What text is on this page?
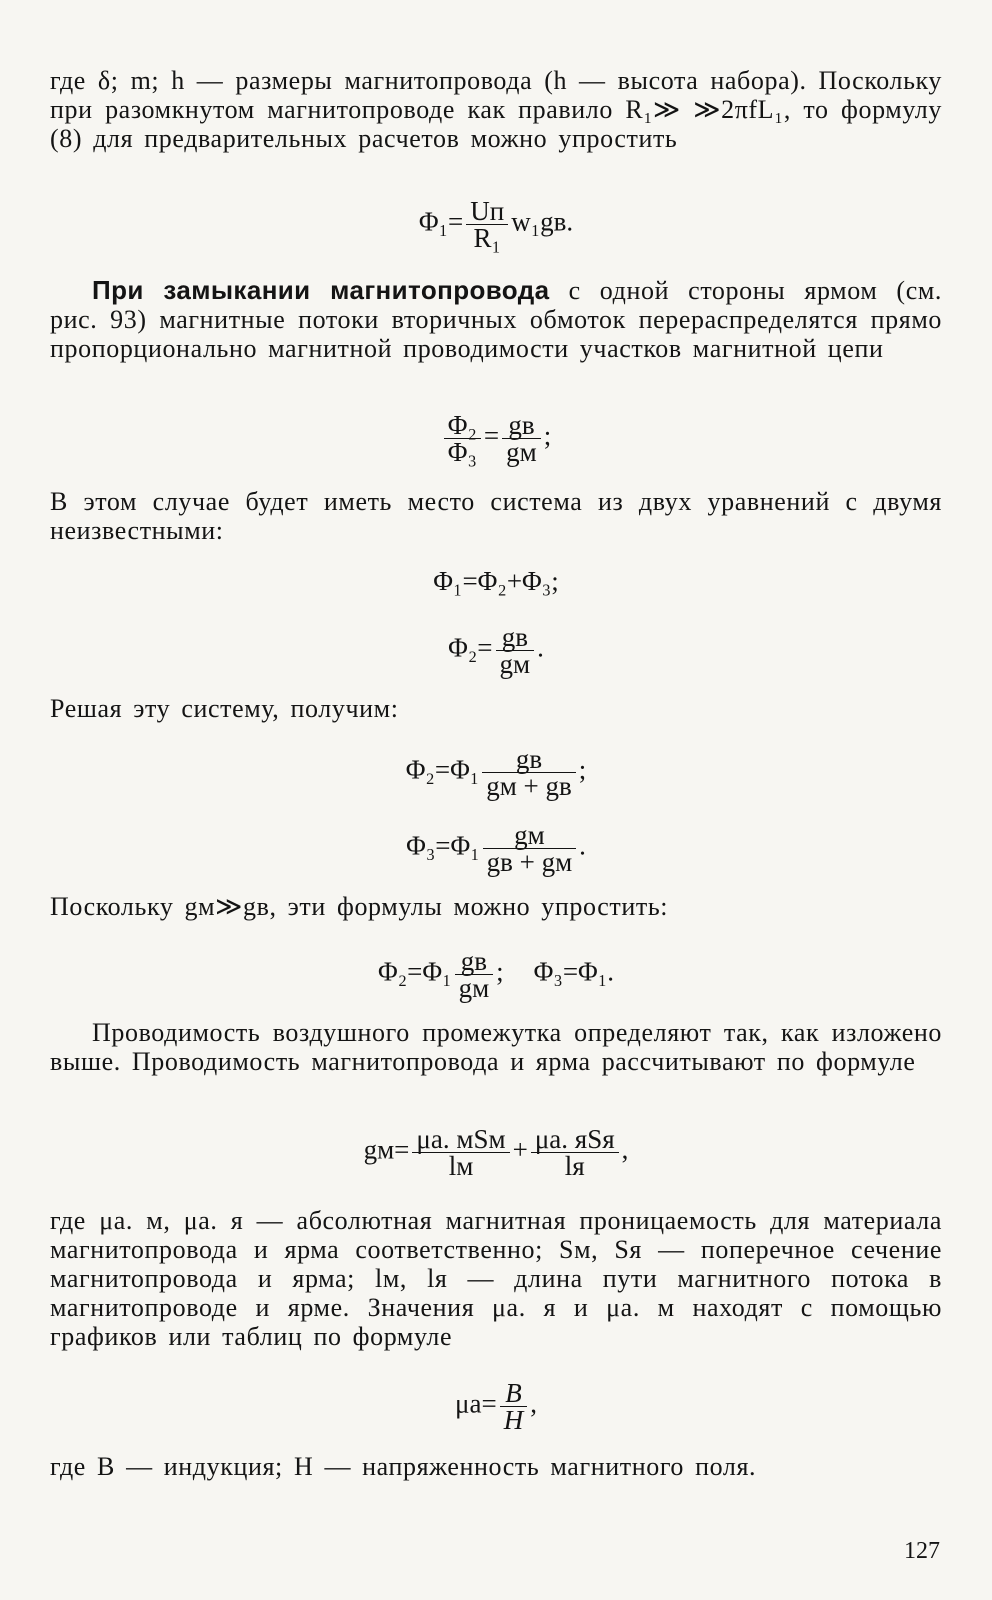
где δ; m; h — размеры магнитопровода (h — высота набора). Поскольку при разомкнутом магнитопроводе как правило R₁≫ ≫2πfL₁, то формулу (8) для предварительных расчетов можно упростить
$\Phi_1= \frac{Uп}{\text{R₁}} w_1gв$.
При замыкании магнитопровода с одной стороны ярмом (см. рис. 93) магнитные потоки вторичных обмоток перераспределятся прямо пропорционально магнитной проводимости участков магнитной цепи
$\frac{\text{Φ₂}}{\text{Φ₃}} = \frac{gв}{gм}$ ;
В этом случае будет иметь место система из двух уравнений с двумя неизвестными:
Φ₁=Φ₂+Φ₃;
$\Phi_2= \frac{gв}{gм}$ .
Решая эту систему, получим:
$\Phi_2=\Phi_1 \frac{gв}{gм + gв}$ ;
$\Phi_3=\Phi_1 \frac{gм}{gв + gм}$ .
Поскольку gм≫gв, эти формулы можно упростить:
$\Phi_2=\Phi_1 \frac{gв}{gм}$ ; Φ₃=Φ₁.
Проводимость воздушного промежутка определяют так, как изложено выше. Проводимость магнитопровода и ярма рассчитывают по формуле
$gм= \frac{\text{μа. мSм}}{lм} + \frac{\text{μа. яSя}}{lя}$ ,
где μа. м, μа. я — абсолютная магнитная проницаемость для материала магнитопровода и ярма соответственно; Sм, Sя — поперечное сечение магнитопровода и ярма; lм, lя — длина пути магнитного потока в магнитопроводе и ярме. Значения μа. я и μа. м находят с помощью графиков или таблиц по формуле
$\mu а= \frac{B}{H}$ ,
где B — индукция; H — напряженность магнитного поля.
127
